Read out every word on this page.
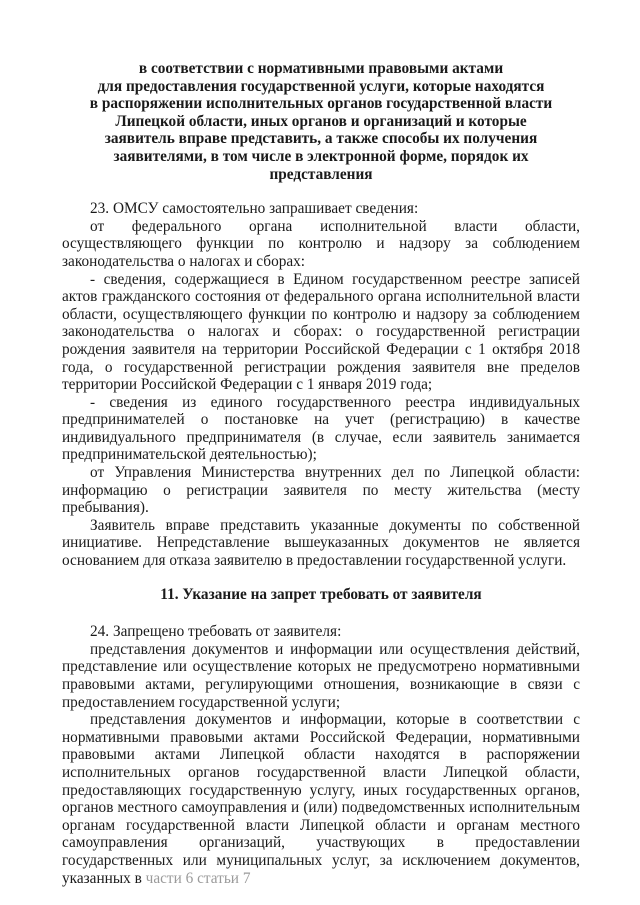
в соответствии с нормативными правовыми актами
для предоставления государственной услуги, которые находятся
в распоряжении исполнительных органов государственной власти
Липецкой области, иных органов и организаций и которые
заявитель вправе представить, а также способы их получения
заявителями, в том числе в электронной форме, порядок их
представления

23. ОМСУ самостоятельно запрашивает сведения:

от федерального органа исполнительной власти области, осуществляющего функции по контролю и надзору за соблюдением законодательства о налогах и сборах:

- сведения, содержащиеся в Едином государственном реестре записей актов гражданского состояния от федерального органа исполнительной власти области, осуществляющего функции по контролю и надзору за соблюдением законодательства о налогах и сборах: о государственной регистрации рождения заявителя на территории Российской Федерации с 1 октября 2018 года, о государственной регистрации рождения заявителя вне пределов территории Российской Федерации с 1 января 2019 года;

- сведения из единого государственного реестра индивидуальных предпринимателей о постановке на учет (регистрацию) в качестве индивидуального предпринимателя (в случае, если заявитель занимается предпринимательской деятельностью);

от Управления Министерства внутренних дел по Липецкой области: информацию о регистрации заявителя по месту жительства (месту пребывания).

Заявитель вправе представить указанные документы по собственной инициативе. Непредставление вышеуказанных документов не является основанием для отказа заявителю в предоставлении государственной услуги.

11. Указание на запрет требовать от заявителя

24. Запрещено требовать от заявителя:

представления документов и информации или осуществления действий, представление или осуществление которых не предусмотрено нормативными правовыми актами, регулирующими отношения, возникающие в связи с предоставлением государственной услуги;

представления документов и информации, которые в соответствии с нормативными правовыми актами Российской Федерации, нормативными правовыми актами Липецкой области находятся в распоряжении исполнительных органов государственной власти Липецкой области, предоставляющих государственную услугу, иных государственных органов, органов местного самоуправления и (или) подведомственных исполнительным органам государственной власти Липецкой области и органам местного самоуправления организаций, участвующих в предоставлении государственных или муниципальных услуг, за исключением документов, указанных в части 6 статьи 7
